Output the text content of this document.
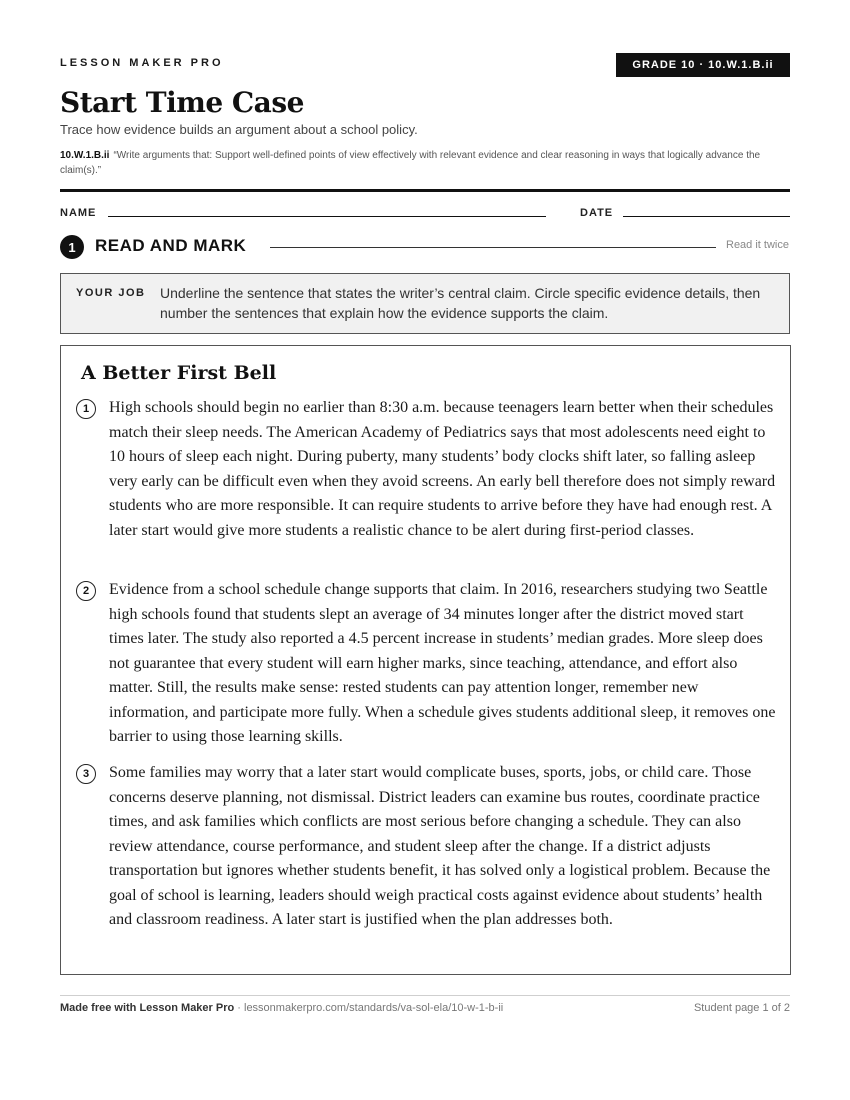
LESSON MAKER PRO	GRADE 10 · 10.W.1.B.ii
Start Time Case
Trace how evidence builds an argument about a school policy.
10.W.1.B.ii “Write arguments that: Support well-defined points of view effectively with relevant evidence and clear reasoning in ways that logically advance the claim(s).”
NAME	DATE
1	READ AND MARK	Read it twice
YOUR JOB Underline the sentence that states the writer’s central claim. Circle specific evidence details, then number the sentences that explain how the evidence supports the claim.
A Better First Bell
1	High schools should begin no earlier than 8:30 a.m. because teenagers learn better when their schedules match their sleep needs. The American Academy of Pediatrics says that most adolescents need eight to 10 hours of sleep each night. During puberty, many students’ body clocks shift later, so falling asleep very early can be difficult even when they avoid screens. An early bell therefore does not simply reward students who are more responsible. It can require students to arrive before they have had enough rest. A later start would give more students a realistic chance to be alert during first-period classes.
2	Evidence from a school schedule change supports that claim. In 2016, researchers studying two Seattle high schools found that students slept an average of 34 minutes longer after the district moved start times later. The study also reported a 4.5 percent increase in students’ median grades. More sleep does not guarantee that every student will earn higher marks, since teaching, attendance, and effort also matter. Still, the results make sense: rested students can pay attention longer, remember new information, and participate more fully. When a schedule gives students additional sleep, it removes one barrier to using those learning skills.
3	Some families may worry that a later start would complicate buses, sports, jobs, or child care. Those concerns deserve planning, not dismissal. District leaders can examine bus routes, coordinate practice times, and ask families which conflicts are most serious before changing a schedule. They can also review attendance, course performance, and student sleep after the change. If a district adjusts transportation but ignores whether students benefit, it has solved only a logistical problem. Because the goal of school is learning, leaders should weigh practical costs against evidence about students’ health and classroom readiness. A later start is justified when the plan addresses both.
Made free with Lesson Maker Pro · lessonmakerpro.com/standards/va-sol-ela/10-w-1-b-ii	Student page 1 of 2
